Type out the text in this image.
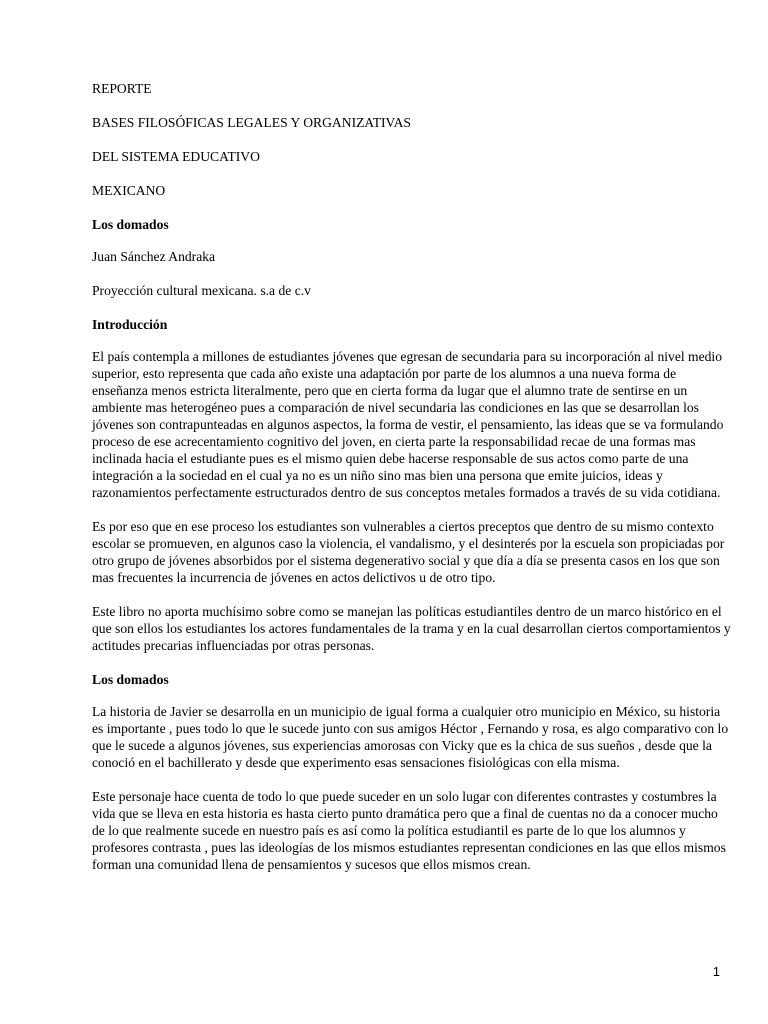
REPORTE

BASES FILOSÓFICAS LEGALES Y ORGANIZATIVAS

DEL SISTEMA EDUCATIVO

MEXICANO

Los domados

Juan Sánchez Andraka

Proyección cultural mexicana. s.a de c.v

Introducción

El país contempla a millones de estudiantes jóvenes que egresan de secundaria para su incorporación al nivel medio superior, esto representa que cada año existe una adaptación por parte de los alumnos a una nueva forma de enseñanza menos estricta literalmente, pero que en cierta forma da lugar que el alumno trate de sentirse en un ambiente mas heterogéneo pues a comparación de nivel secundaria las condiciones en las que se desarrollan los jóvenes son contrapunteadas en algunos aspectos, la forma de vestir, el pensamiento, las ideas que se va formulando proceso de ese acrecentamiento cognitivo del joven, en cierta parte la responsabilidad recae de una formas mas inclinada hacia el estudiante pues es el mismo quien debe hacerse responsable de sus actos como parte de una integración a la sociedad en el cual ya no es un niño sino mas bien una persona que emite juicios, ideas y razonamientos perfectamente estructurados dentro de sus conceptos metales formados a través de su vida cotidiana.

Es por eso que en ese proceso los estudiantes son vulnerables a ciertos preceptos que dentro de su mismo contexto escolar se promueven, en algunos caso la violencia, el vandalismo, y el desinterés por la escuela son propiciadas por otro grupo de jóvenes absorbidos por el sistema degenerativo social y que día a día se presenta casos en los que son mas frecuentes la incurrencia de jóvenes en actos delictivos u de otro tipo.

Este libro no aporta muchísimo sobre como se manejan las políticas estudiantiles dentro de un marco histórico en el que son ellos los estudiantes los actores fundamentales de la trama y en la cual desarrollan ciertos comportamientos y actitudes precarias influenciadas por otras personas.

Los domados

La historia de Javier se desarrolla en un municipio de igual forma a cualquier otro municipio en México, su historia es importante , pues todo lo que le sucede junto con sus amigos Héctor , Fernando y rosa, es algo comparativo con lo que le sucede a algunos jóvenes, sus experiencias amorosas con Vicky que es la chica de sus sueños , desde que la conoció en el bachillerato y desde que experimento esas sensaciones fisiológicas con ella misma.

Este personaje hace cuenta de todo lo que puede suceder en un solo lugar con diferentes contrastes y costumbres la vida que se lleva en esta historia es hasta cierto punto dramática pero que a final de cuentas no da a conocer mucho de lo que realmente sucede en nuestro país es así como la política estudiantil es parte de lo que los alumnos y profesores contrasta , pues las ideologías de los mismos estudiantes representan condiciones en las que ellos mismos forman una comunidad llena de pensamientos y sucesos que ellos mismos crean.

1
